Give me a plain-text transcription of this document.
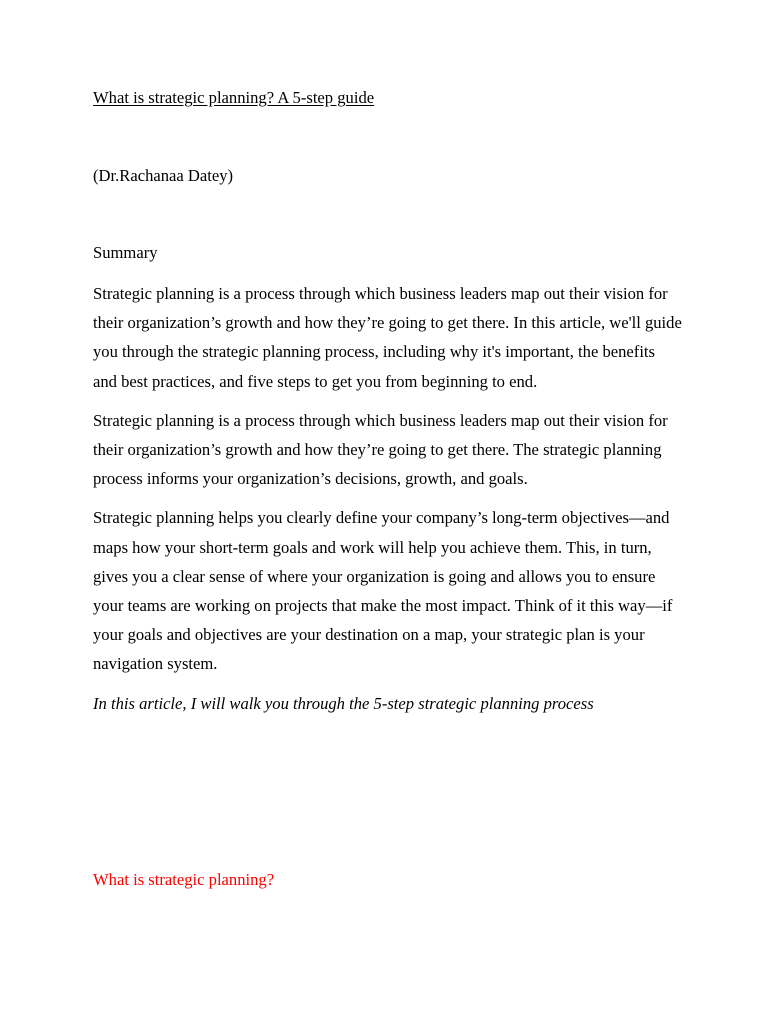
What is strategic planning? A 5-step guide

(Dr.Rachanaa Datey)

Summary

Strategic planning is a process through which business leaders map out their vision for their organization’s growth and how they’re going to get there. In this article, we'll guide you through the strategic planning process, including why it's important, the benefits and best practices, and five steps to get you from beginning to end.

Strategic planning is a process through which business leaders map out their vision for their organization’s growth and how they’re going to get there. The strategic planning process informs your organization’s decisions, growth, and goals.

Strategic planning helps you clearly define your company’s long-term objectives—and maps how your short-term goals and work will help you achieve them. This, in turn, gives you a clear sense of where your organization is going and allows you to ensure your teams are working on projects that make the most impact. Think of it this way—if your goals and objectives are your destination on a map, your strategic plan is your navigation system.

In this article, I will walk you through the 5-step strategic planning process

What is strategic planning?
